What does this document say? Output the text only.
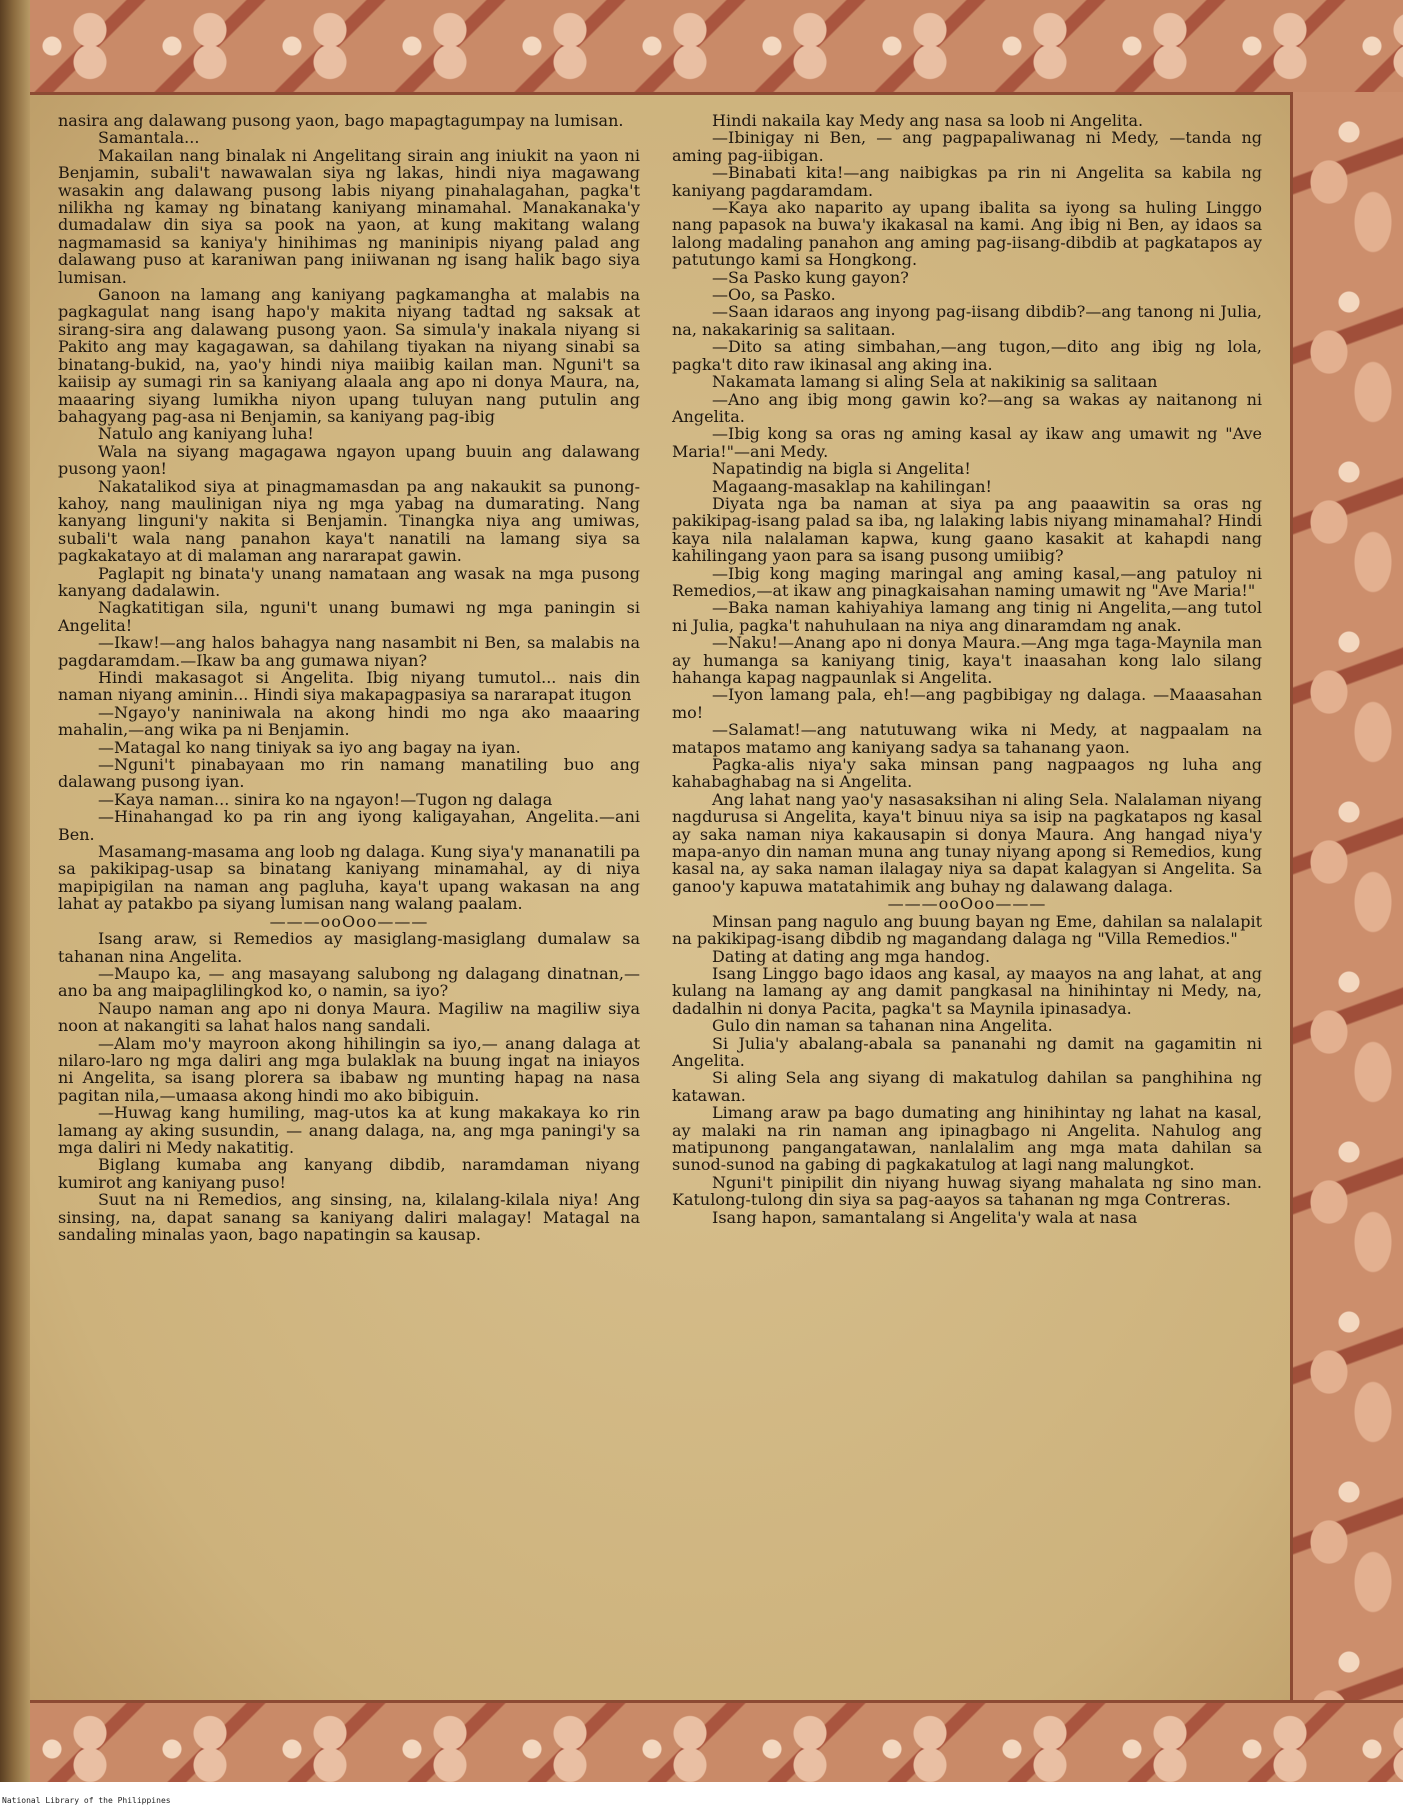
nasira ang dalawang pusong yaon, bago mapagtagumpay na lumisan.

Samantala...

Makailan nang binalak ni Angelitang sirain ang iniukit na yaon ni Benjamin, subali't nawawalan siya ng lakas, hindi niya magawang wasakin ang dalawang pusong labis niyang pinahalagahan, pagka't nilikha ng kamay ng binatang kaniyang minamahal. Manakanaka'y dumadalaw din siya sa pook na yaon, at kung makitang walang nagmamasid sa kaniya'y hinihimas ng maninipis niyang palad ang dalawang puso at karaniwan pang iniiwanan ng isang halik bago siya lumisan.

Ganoon na lamang ang kaniyang pagkamangha at malabis na pagkagulat nang isang hapo'y makita niyang tadtad ng saksak at sirang-sira ang dalawang pusong yaon. Sa simula'y inakala niyang si Pakito ang may kagagawan, sa dahilang tiyakan na niyang sinabi sa binatang-bukid, na, yao'y hindi niya maiibig kailan man. Nguni't sa kaiisip ay sumagi rin sa kaniyang alaala ang apo ni donya Maura, na, maaaring siyang lumikha niyon upang tuluyan nang putulin ang bahagyang pag-asa ni Benjamin, sa kaniyang pag-ibig

Natulo ang kaniyang luha!

Wala na siyang magagawa ngayon upang buuin ang dalawang pusong yaon!

Nakatalikod siya at pinagmamasdan pa ang nakaukit sa punong-kahoy, nang maulinigan niya ng mga yabag na dumarating. Nang kanyang linguni'y nakita si Benjamin. Tinangka niya ang umiwas, subali't wala nang panahon kaya't nanatili na lamang siya sa pagkakatayo at di malaman ang nararapat gawin.

Paglapit ng binata'y unang namataan ang wasak na mga pusong kanyang dadalawin.

Nagkatitigan sila, nguni't unang bumawi ng mga paningin si Angelita!

—Ikaw!—ang halos bahagya nang nasambit ni Ben, sa malabis na pagdaramdam.—Ikaw ba ang gumawa niyan?

Hindi makasagot si Angelita. Ibig niyang tumutol... nais din naman niyang aminin... Hindi siya makapagpasiya sa nararapat itugon

—Ngayo'y naniniwala na akong hindi mo nga ako maaaring mahalin,—ang wika pa ni Benjamin.

—Matagal ko nang tiniyak sa iyo ang bagay na iyan.

—Nguni't pinabayaan mo rin namang manatiling buo ang dalawang pusong iyan.

—Kaya naman... sinira ko na ngayon!—Tugon ng dalaga

—Hinahangad ko pa rin ang iyong kaligayahan, Angelita.—ani Ben.

Masamang-masama ang loob ng dalaga. Kung siya'y mananatili pa sa pakikipag-usap sa binatang kaniyang minamahal, ay di niya mapipigilan na naman ang pagluha, kaya't upang wakasan na ang lahat ay patakbo pa siyang lumisan nang walang paalam.

———ooOoo———

Isang araw, si Remedios ay masiglang-masiglang dumalaw sa tahanan nina Angelita.

—Maupo ka, — ang masayang salubong ng dalagang dinatnan,—ano ba ang maipaglilingkod ko, o namin, sa iyo?

Naupo naman ang apo ni donya Maura. Magiliw na magiliw siya noon at nakangiti sa lahat halos nang sandali.

—Alam mo'y mayroon akong hihilingin sa iyo,— anang dalaga at nilaro-laro ng mga daliri ang mga bulaklak na buung ingat na iniayos ni Angelita, sa isang plorera sa ibabaw ng munting hapag na nasa pagitan nila,—umaasa akong hindi mo ako bibiguin.

—Huwag kang humiling, mag-utos ka at kung makakaya ko rin lamang ay aking susundin, — anang dalaga, na, ang mga paningi'y sa mga daliri ni Medy nakatitig.

Biglang kumaba ang kanyang dibdib, naramdaman niyang kumirot ang kaniyang puso!

Suut na ni Remedios, ang sinsing, na, kilalang-kilala niya! Ang sinsing, na, dapat sanang sa kaniyang daliri malagay! Matagal na sandaling minalas yaon, bago napatingin sa kausap.

Hindi nakaila kay Medy ang nasa sa loob ni Angelita.

—Ibinigay ni Ben, — ang pagpapaliwanag ni Medy, —tanda ng aming pag-iibigan.

—Binabati kita!—ang naibigkas pa rin ni Angelita sa kabila ng kaniyang pagdaramdam.

—Kaya ako naparito ay upang ibalita sa iyong sa huling Linggo nang papasok na buwa'y ikakasal na kami. Ang ibig ni Ben, ay idaos sa lalong madaling panahon ang aming pag-iisang-dibdib at pagkatapos ay patutungo kami sa Hongkong.

—Sa Pasko kung gayon?

—Oo, sa Pasko.

—Saan idaraos ang inyong pag-iisang dibdib?—ang tanong ni Julia, na, nakakarinig sa salitaan.

—Dito sa ating simbahan,—ang tugon,—dito ang ibig ng lola, pagka't dito raw ikinasal ang aking ina.

Nakamata lamang si aling Sela at nakikinig sa salitaan

—Ano ang ibig mong gawin ko?—ang sa wakas ay naitanong ni Angelita.

—Ibig kong sa oras ng aming kasal ay ikaw ang umawit ng "Ave Maria!"—ani Medy.

Napatindig na bigla si Angelita!

Magaang-masaklap na kahilingan!

Diyata nga ba naman at siya pa ang paaawitin sa oras ng pakikipag-isang palad sa iba, ng lalaking labis niyang minamahal? Hindi kaya nila nalalaman kapwa, kung gaano kasakit at kahapdi nang kahilingang yaon para sa isang pusong umiibig?

—Ibig kong maging maringal ang aming kasal,—ang patuloy ni Remedios,—at ikaw ang pinagkaisahan naming umawit ng "Ave Maria!"

—Baka naman kahiyahiya lamang ang tinig ni Angelita,—ang tutol ni Julia, pagka't nahuhulaan na niya ang dinaramdam ng anak.

—Naku!—Anang apo ni donya Maura.—Ang mga taga-Maynila man ay humanga sa kaniyang tinig, kaya't inaasahan kong lalo silang hahanga kapag nagpaunlak si Angelita.

—Iyon lamang pala, eh!—ang pagbibigay ng dalaga. —Maaasahan mo!

—Salamat!—ang natutuwang wika ni Medy, at nagpaalam na matapos matamo ang kaniyang sadya sa tahanang yaon.

Pagka-alis niya'y saka minsan pang nagpaagos ng luha ang kahabaghabag na si Angelita.

Ang lahat nang yao'y nasasaksihan ni aling Sela. Nalalaman niyang nagdurusa si Angelita, kaya't binuu niya sa isip na pagkatapos ng kasal ay saka naman niya kakausapin si donya Maura. Ang hangad niya'y mapa-anyo din naman muna ang tunay niyang apong si Remedios, kung kasal na, ay saka naman ilalagay niya sa dapat kalagyan si Angelita. Sa ganoo'y kapuwa matatahimik ang buhay ng dalawang dalaga.

———ooOoo———

Minsan pang nagulo ang buung bayan ng Eme, dahilan sa nalalapit na pakikipag-isang dibdib ng magandang dalaga ng "Villa Remedios."

Dating at dating ang mga handog.

Isang Linggo bago idaos ang kasal, ay maayos na ang lahat, at ang kulang na lamang ay ang damit pangkasal na hinihintay ni Medy, na, dadalhin ni donya Pacita, pagka't sa Maynila ipinasadya.

Gulo din naman sa tahanan nina Angelita.

Si Julia'y abalang-abala sa pananahi ng damit na gagamitin ni Angelita.

Si aling Sela ang siyang di makatulog dahilan sa panghihina ng katawan.

Limang araw pa bago dumating ang hinihintay ng lahat na kasal, ay malaki na rin naman ang ipinagbago ni Angelita. Nahulog ang matipunong pangangatawan, nanlalalim ang mga mata dahilan sa sunod-sunod na gabing di pagkakatulog at lagi nang malungkot.

Nguni't pinipilit din niyang huwag siyang mahalata ng sino man. Katulong-tulong din siya sa pag-aayos sa tahanan ng mga Contreras.

Isang hapon, samantalang si Angelita'y wala at nasa

National Library of the Philippines
